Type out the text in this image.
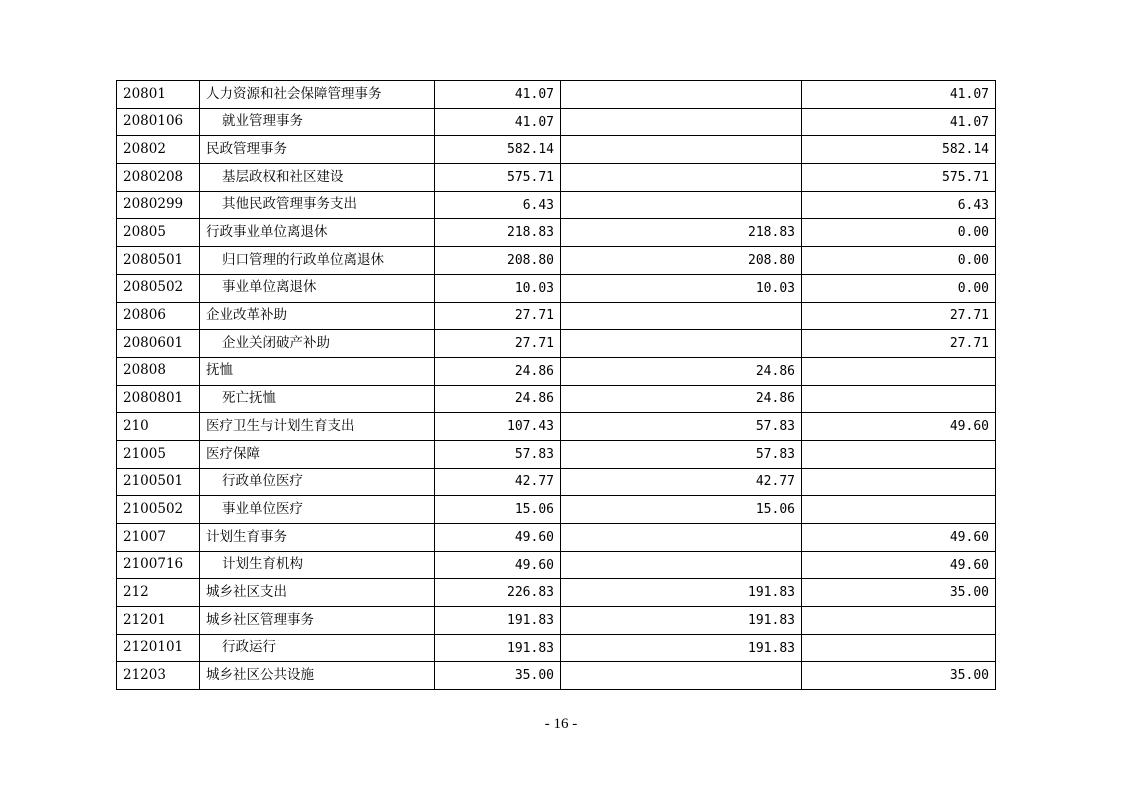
20801	人力资源和社会保障管理事务	41.07		41.07
2080106	就业管理事务	41.07		41.07
20802	民政管理事务	582.14		582.14
2080208	基层政权和社区建设	575.71		575.71
2080299	其他民政管理事务支出	6.43		6.43
20805	行政事业单位离退休	218.83	218.83	0.00
2080501	归口管理的行政单位离退休	208.80	208.80	0.00
2080502	事业单位离退休	10.03	10.03	0.00
20806	企业改革补助	27.71		27.71
2080601	企业关闭破产补助	27.71		27.71
20808	抚恤	24.86	24.86	
2080801	死亡抚恤	24.86	24.86	
210	医疗卫生与计划生育支出	107.43	57.83	49.60
21005	医疗保障	57.83	57.83	
2100501	行政单位医疗	42.77	42.77	
2100502	事业单位医疗	15.06	15.06	
21007	计划生育事务	49.60		49.60
2100716	计划生育机构	49.60		49.60
212	城乡社区支出	226.83	191.83	35.00
21201	城乡社区管理事务	191.83	191.83	
2120101	行政运行	191.83	191.83	
21203	城乡社区公共设施	35.00		35.00
- 16 -
